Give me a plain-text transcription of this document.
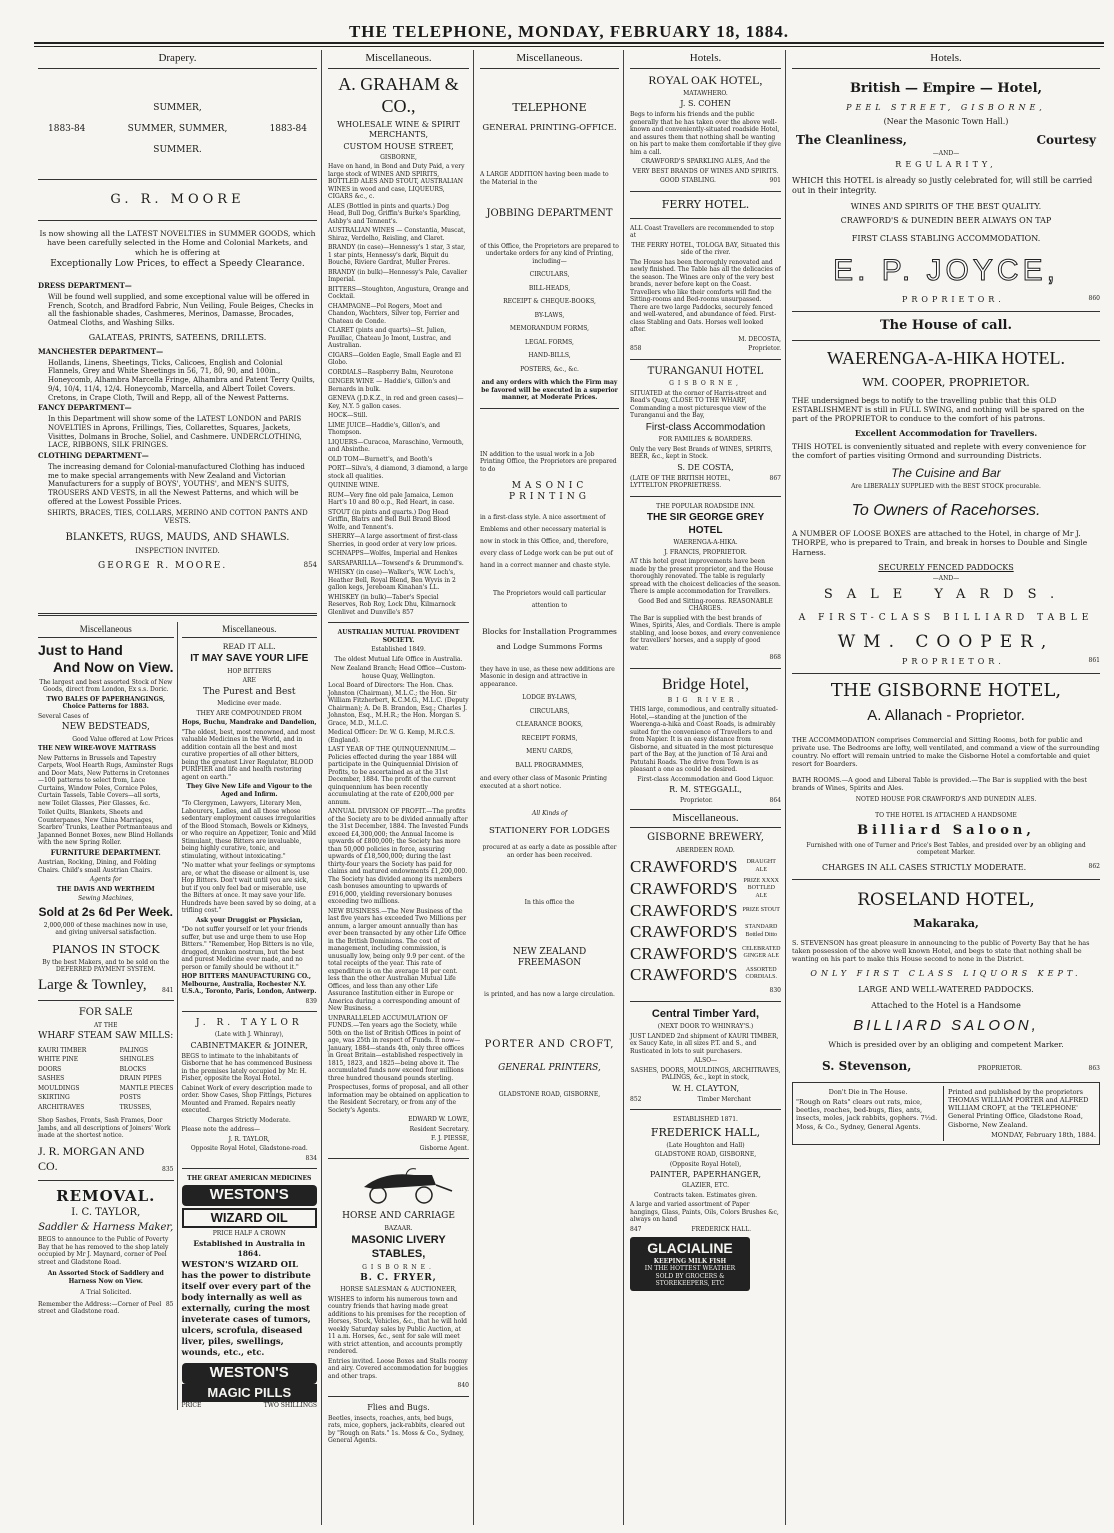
THE TELEPHONE, MONDAY, FEBRUARY 18, 1884.
Drapery.
SUMMER,
1883-84	SUMMER, SUMMER,	1883-84
SUMMER.
G. R. MOORE

Is now showing all the LATEST NOVELTIES in SUMMER GOODS, which have been carefully selected in the Home and Colonial Markets, and which he is offering at

Exceptionally Low Prices, to effect a Speedy Clearance.

DRESS DEPARTMENT—

Will be found well supplied, and some exceptional value will be offered in French, Scotch, and Bradford Fabric, Nun Veiling, Foule Beiges, Checks in all the fashionable shades, Cashmeres, Merinos, Damasse, Brocades, Oatmeal Cloths, and Washing Silks.

GALATEAS, PRINTS, SATEENS, DRILLETS.

MANCHESTER DEPARTMENT—

Hollands, Linens, Sheetings, Ticks, Calicoes, English and Colonial Flannels, Grey and White Sheetings in 56, 71, 80, 90, and 100in., Honeycomb, Alhambra Marcella Fringe, Alhambra and Patent Terry Quilts, 9/4, 10/4, 11/4, 12/4. Honeycomb, Marcella, and Albert Toilet Covers. Cretons, in Crape Cloth, Twill and Repp, all of the Newest Patterns.

FANCY DEPARTMENT—

In this Department will show some of the LATEST LONDON and PARIS NOVELTIES in Aprons, Frillings, Ties, Collarettes, Squares, Jackets, Visittes, Dolmans in Broche, Soliel, and Cashmere. UNDERCLOTHING, LACE, RIBBONS, SILK FRINGES.

CLOTHING DEPARTMENT—

The increasing demand for Colonial-manufactured Clothing has induced me to make special arrangements with New Zealand and Victorian Manufacturers for a supply of BOYS', YOUTHS', and MEN'S SUITS, TROUSERS AND VESTS, in all the Newest Patterns, and which will be offered at the Lowest Possible Prices.

SHIRTS, BRACES, TIES, COLLARS, MERINO AND COTTON PANTS AND VESTS.

BLANKETS, RUGS, MAUDS, AND SHAWLS.

INSPECTION INVITED.

GEORGE R. MOORE.	854
Miscellaneous
Just to Hand
And Now on View.

The largest and best assorted Stock of New Goods, direct from London, Ex s.s. Doric.

TWO BALES OF PAPERHANGINGS, Choice Patterns for 1883.

Several Cases of

NEW BEDSTEADS,

Good Value offered at Low Prices

THE NEW WIRE-WOVE MATTRASS

New Patterns in Brussels and Tapestry Carpets, Wool Hearth Rugs, Axminster Rugs and Door Mats, New Patterns in Cretonnes—100 patterns to select from, Lace Curtains, Window Poles, Cornice Poles, Curtain Tassels, Table Covers—all sorts, new Toilet Glasses, Pier Glasses, &c.

Toilet Quilts, Blankets, Sheets and Counterpanes, New China Marriages, Scarbro' Trunks, Leather Portmanteaus and Japanned Bonnet Boxes, new Blind Hollands with the new Spring Roller.

FURNITURE DEPARTMENT.

Austrian, Rocking, Dining, and Folding Chairs. Child's small Austrian Chairs.

Agents for

THE DAVIS AND WERTHEIM

Sewing Machines,

Sold at 2s 6d Per Week.

2,000,000 of these machines now in use, and giving universal satisfaction.

PIANOS IN STOCK

By the best Makers, and to be sold on the DEFERRED PAYMENT SYSTEM.

Large & Townley,	841

FOR SALE

AT THE

WHARF STEAM SAW MILLS:

KAURI TIMBER

WHITE PINE

DOORS

SASHES

MOULDINGS

SKIRTING

ARCHITRAVES

PALINGS

SHINGLES

BLOCKS

DRAIN PIPES

MANTLE PIECES

POSTS

TRUSSES,

Shop Sashes, Fronts, Sash Frames, Door Jambs, and all descriptions of Joiners' Work made at the shortest notice.

J. R. MORGAN AND CO.	835

REMOVAL.

I. C. TAYLOR,

Saddler & Harness Maker,

BEGS to announce to the Public of Poverty Bay that he has removed to the shop lately occupied by Mr J. Maynard, corner of Peel street and Gladstone Road.

An Assorted Stock of Saddlery and Harness Now on View.

A Trial Solicited.

Remember the Address:—Corner of Peel street and Gladstone road.
85
Miscellaneous.

READ IT ALL.

IT MAY SAVE YOUR LIFE

HOP BITTERS

ARE

The Purest and Best

Medicine ever made.

THEY ARE COMPOUNDED FROM

Hops, Buchu, Mandrake and Dandelion,

"The oldest, best, most renowned, and most valuable Medicines in the World, and in addition contain all the best and most curative properties of all other bitters, being the greatest Liver Regulator, BLOOD PURIFIER and life and health restoring agent on earth."

They Give New Life and Vigour to the Aged and Infirm.

"To Clergymen, Lawyers, Literary Men, Labourers, Ladies, and all those whose sedentary employment causes irregularities of the Blood Stomach, Bowels or Kidneys, or who require an Appetizer, Tonic and Mild Stimulant, these Bitters are invaluable, being highly curative, tonic, and stimulating, without intoxicating."

"No matter what your feelings or symptoms are, or what the disease or ailment is, use Hop Bitters. Don't wait until you are sick, but if you only feel bad or miserable, use the Bitters at once. It may save your life. Hundreds have been saved by so doing, at a trifling cost."

Ask your Druggist or Physician,

"Do not suffer yourself or let your friends suffer, but use and urge them to use Hop Bitters." "Remember, Hop Bitters is no vile, drugged, drunken nostrum, but the best and purest Medicine ever made, and no person or family should be without it."

HOP BITTERS MANUFACTURING CO., Melbourne, Australia, Rochester N.Y. U.S.A., Toronto, Paris, London, Antwerp.

839

J. R. TAYLOR

(Late with J. Whinray),

CABINETMAKER & JOINER,

BEGS to intimate to the inhabitants of Gisborne that he has commenced Business in the premises lately occupied by Mr. H. Fisher, opposite the Royal Hotel.

Cabinet Work of every description made to order. Show Cases, Shop Fittings, Pictures Mounted and Framed. Repairs neatly executed.

Charges Strictly Moderate.

Please note the address—

J. R. TAYLOR,

Opposite Royal Hotel, Gladstone-road.

834

THE GREAT AMERICAN MEDICINES

WESTON'S
WIZARD OIL

PRICE HALF A CROWN

Established in Australia in 1864.

WESTON'S WIZARD OIL has the power to distribute itself over every part of the body internally as well as externally, curing the most inveterate cases of tumors, ulcers, scrofula, diseased liver, piles, swellings, wounds, etc., etc.

WESTON'S
MAGIC PILLS
PRICE	TWO SHILLINGS
Miscellaneous.
A. GRAHAM & CO.,

WHOLESALE WINE & SPIRIT MERCHANTS,

CUSTOM HOUSE STREET,

GISBORNE,

Have on hand, in Bond and Duty Paid, a very large stock of WINES AND SPIRITS, BOTTLED ALES AND STOUT, AUSTRALIAN WINES in wood and case, LIQUEURS, CIGARS &c., c.

ALES (Bottled in pints and quarts.) Dog Head, Bull Dog, Griffin's Burke's Sparkling, Ashby's and Tennent's.

AUSTRALIAN WINES — Constantia, Muscat, Shiraz, Verdelho, Reisling, and Claret.

BRANDY (in case)—Hennessy's 1 star, 3 star, 1 star pints, Hennessy's dark, Biquit du Bouche, Riviere Gardrat, Muller Freres.

BRANDY (in bulk)—Hennessy's Pale, Cavalier Imperial.

BITTERS—Stoughton, Angustura, Orange and Cocktail.

CHAMPAGNE—Pol Rogers, Moet and Chandon, Wachters, Silver top, Ferrier and Chateau de Conde.

CLARET (pints and quarts)—St. Julien, Pauillac, Chateau Jo Imont, Lustrac, and Australian.

CIGARS—Golden Eagle, Small Eagle and El Globo.

CORDIALS—Raspberry Balm, Neurotone

GINGER WINE — Haddie's, Gillon's and Bernards in bulk.

GENEVA (J.D.K.Z., in red and green cases)—Key, N.Y. 5 gallon cases.

HOCK—Still.

LIME JUICE—Haddie's, Gillon's, and Thompson.

LIQUERS—Curacoa, Maraschino, Vermouth, and Absinthe.

OLD TOM—Burnett's, and Booth's

PORT—Silva's, 4 diamond, 3 diamond, a large stock all qualities.

QUININE WINE.

RUM—Very fine old pale Jamaica, Lemon Hart's 10 and 80 o.p., Red Heart, in case.

STOUT (in pints and quarts.) Dog Head Griffin, Blatrs and Bell Bull Brand Blood Wolfe, and Tennent's.

SHERRY—A large assortment of first-class Sherries, in good order at very low prices.

SCHNAPPS—Wolfes, Imperial and Henkes

SARSAPARILLA—Towsend's & Drummond's.

WHISKY (in case)—Walker's, W.W. Loch's, Heather Bell, Royal Blend, Ben Wyvis in 2 gallon kegs, Jereboam Kinahan's LL.

WHISKEY (in bulk)—Taber's Special Reserves, Rob Roy, Lock Dhu, Kilmarnock Glenlivet and Dunville's 857

AUSTRALIAN MUTUAL PROVIDENT SOCIETY.

Established 1849.

The oldest Mutual Life Office in Australia.

New Zealand Branch; Head Office—Custom-house Quay, Wellington.

Local Board of Directors: The Hon. Chas. Johnston (Chairman), M.L.C.; the Hon. Sir William Fitzherbert, K.C.M.G., M.L.C. (Deputy Chairman); A. De B. Brandon, Esq.; Charles J. Johnston, Esq., M.H.R.; the Hon. Morgan S. Grace, M.D., M.L.C.

Medical Officer: Dr. W. G. Kemp, M.R.C.S. (England).

LAST YEAR OF THE QUINQUENNIUM.—Policies effected during the year 1884 will participate in the Quinquennial Division of Profits, to be ascertained as at the 31st December, 1884. The profit of the current quinquennium has been recently accumulating at the rate of £200,000 per annum.

ANNUAL DIVISION OF PROFIT.—The profits of the Society are to be divided annually after the 31st December, 1884. The Invested Funds exceed £4,300,000; the Annual Income is upwards of £800,000; the Society has more than 50,000 policies in force, assuring upwards of £18,500,000; during the last thirty-four years the Society has paid for claims and matured endowments £1,200,000. The Society has divided among its members cash bonuses amounting to upwards of £916,000, yielding reversionary bonuses exceeding two millions.

NEW BUSINESS.—The New Business of the last five years has exceeded Two Millions per annum, a larger amount annually than has ever been transacted by any other Life Office in the British Dominions. The cost of management, including commission, is unusually low, being only 9.9 per cent. of the total receipts of the year. This rate of expenditure is on the average 18 per cent. less than the other Australian Mutual Life Offices, and less than any other Life Assurance Institution either in Europe or America during a corresponding amount of New Business.

UNPARALLELED ACCUMULATION OF FUNDS.—Ten years ago the Society, while 50th on the list of British Offices in point of age, was 25th in respect of Funds. It now—January, 1884—stands 4th, only three offices in Great Britain—established respectively in 1815, 1823, and 1825—being above it. The accumulated funds now exceed four millions three hundred thousand pounds sterling.

Prospectuses, forms of proposal, and all other information may be obtained on application to the Resident Secretary, or from any of the Society's Agents.

EDWARD W. LOWE,

Resident Secretary.

F. J. PIESSE,

Gisborne Agent.

HORSE AND CARRIAGE

BAZAAR.

MASONIC LIVERY STABLES,

GISBORNE.

B. C. FRYER,

HORSE SALESMAN & AUCTIONEER,

WISHES to inform his numerous town and country friends that having made great additions to his premises for the reception of Horses, Stock, Vehicles, &c., that he will hold weekly Saturday sales by Public Auction, at 11 a.m. Horses, &c., sent for sale will meet with strict attention, and accounts promptly rendered.

Entries invited. Loose Boxes and Stalls roomy and airy. Covered accommodation for buggies and other traps.

840

Flies and Bugs.

Beetles, insects, roaches, ants, bed bugs, rats, mice, gophers, jack-rabbits, cleared out by "Rough on Rats." 1s. Moss & Co., Sydney, General Agents.

Miscellaneous.

TELEPHONE

GENERAL PRINTING-OFFICE.

A LARGE ADDITION having been made to the Material in the

JOBBING DEPARTMENT

of this Office, the Proprietors are prepared to undertake orders for any kind of Printing, including—

CIRCULARS,

BILL-HEADS,

RECEIPT & CHEQUE-BOOKS,

BY-LAWS,

MEMORANDUM FORMS,

LEGAL FORMS,

HAND-BILLS,

POSTERS, &c., &c.

and any orders with which the Firm may be favored will be executed in a superior manner, at Moderate Prices.

IN addition to the usual work in a Job Printing Office, the Proprietors are prepared to do

MASONIC PRINTING

in a first-class style. A nice assortment of Emblems and other necessary material is now in stock in this Office, and, therefore, every class of Lodge work can be put out of hand in a correct manner and chaste style.

The Proprietors would call particular attention to

Blocks for Installation Programmes and Lodge Summons Forms

they have in use, as these new additions are Masonic in design and attractive in appearance.

LODGE BY-LAWS,

CIRCULARS,

CLEARANCE BOOKS,

RECEIPT FORMS,

MENU CARDS,

BALL PROGRAMMES,

and every other class of Masonic Printing executed at a short notice.

All Kinds of

STATIONERY FOR LODGES

procured at as early a date as possible after an order has been received.

In this office the

NEW ZEALAND FREEMASON

is printed, and has now a large circulation.

PORTER AND CROFT,

GENERAL PRINTERS,

GLADSTONE ROAD, GISBORNE,

Hotels.

ROYAL OAK HOTEL,

MATAWHERO.

J. S. COHEN

Begs to inform his friends and the public generally that he has taken over the above well-known and conveniently-situated roadside Hotel, and assures them that nothing shall be wanting on his part to make them comfortable if they give him a call.

CRAWFORD'S SPARKLING ALES, And the

VERY BEST BRANDS OF WINES AND SPIRITS.

GOOD STABLING.	901

FERRY HOTEL.

ALL Coast Travellers are recommended to stop at

THE FERRY HOTEL, TOLOGA BAY, Situated this side of the river.

The House has been thoroughly renovated and newly finished. The Table has all the delicacies of the season. The Wines are only of the very best brands, never before kept on the Coast. Travellers who like their comforts will find the Sitting-rooms and Bed-rooms unsurpassed. There are two large Paddocks, securely fenced and well-watered, and abundance of feed. First-class Stabling and Oats. Horses well looked after.

M. DECOSTA,

858	Proprietor.

TURANGANUI HOTEL

GISBORNE,

SITUATED at the corner of Harris-street and Read's Quay, CLOSE TO THE WHARF, Commanding a most picturesque view of the Turanganui and the Bay,

First-class Accommodation

FOR FAMILIES & BOARDERS.

Only the very Best Brands of WINES, SPIRITS, BEER, &c., kept in Stock.

S. DE COSTA,

(LATE OF THE BRITISH HOTEL, LYTTELTON PROPRIETRESS.
867

THE POPULAR ROADSIDE INN.

THE SIR GEORGE GREY HOTEL

WAERENGA-A-HIKA.

J. FRANCIS, PROPRIETOR.

AT this hotel great improvements have been made by the present proprietor, and the House thoroughly renovated. The table is regularly spread with the choicest delicacies of the season. There is ample accommodation for Travellers.

Good Bed and Sitting-rooms. REASONABLE CHARGES.

The Bar is supplied with the best brands of Wines, Spirits, Ales, and Cordials. There is ample stabling, and loose boxes, and every convenience for travellers' horses, and a supply of good water.

868

Bridge Hotel,

BIG RIVER.

THIS large, commodious, and centrally situated-Hotel,—standing at the junction of the Waerenga-a-hika and Coast Roads, is admirably suited for the convenience of Travellers to and from Napier. It is an easy distance from Gisborne, and situated in the most picturesque part of the Bay, at the junction of Te Arai and Patutahi Roads. The drive from Town is as pleasant a one as could be desired.

First-class Accommodation and Good Liquor.

R. M. STEGGALL,

Proprietor.	864
Miscellaneous.

GISBORNE BREWERY,

ABERDEEN ROAD.

CRAWFORD'S	DRAUGHT ALE
CRAWFORD'S PRIZE XXXX BOTTLED ALE
CRAWFORD'S PRIZE STOUT
CRAWFORD'S	STANDARD Bottled Ditto
CRAWFORD'S CELEBRATED GINGER ALE
CRAWFORD'S	ASSORTED CORDIALS.

830

Central Timber Yard,

(NEXT DOOR TO WHINRAY'S.)

JUST LANDED 2nd shipment of KAURI TIMBER, ex Saucy Kate, in all sizes P.T. and S., and Rusticated in lots to suit purchasers.

ALSO—

SASHES, DOORS, MOULDINGS, ARCHITRAVES, PALINGS, &c., kept in stock,

W. H. CLAYTON,

852	Timber Merchant

ESTABLISHED 1871.

FREDERICK HALL,

(Late Houghton and Hall)

GLADSTONE ROAD, GISBORNE,

(Opposite Royal Hotel),

PAINTER, PAPERHANGER,

GLAZIER, ETC.

Contracts taken. Estimates given.

A large and varied assortment of Paper hangings, Glass, Paints, Oils, Colors Brushes &c, always on hand

847	FREDERICK HALL.
GLACIALINE
KEEPING MILK FISH
IN THE HOTTEST WEATHER
SOLD BY GROCERS & STOREKEEPERS, ETC
Hotels.

British — Empire — Hotel,

PEEL STREET, GISBORNE,

(Near the Masonic Town Hall.)

The Cleanliness,	Courtesy

—AND—

REGULARITY,

WHICH this HOTEL is already so justly celebrated for, will still be carried out in their integrity.

WINES AND SPIRITS OF THE BEST QUALITY.

CRAWFORD'S & DUNEDIN BEER ALWAYS ON TAP

FIRST CLASS STABLING ACCOMMODATION.

E. P. JOYCE,

PROPRIETOR.	860

The House of call.

WAERENGA-A-HIKA HOTEL.

WM. COOPER, PROPRIETOR.

THE undersigned begs to notify to the travelling public that this OLD ESTABLISHMENT is still in FULL SWING, and nothing will be spared on the part of the PROPRIETOR to conduce to the comfort of his patrons.

Excellent Accommodation for Travellers.

THIS HOTEL is conveniently situated and replete with every convenience for the comfort of parties visiting Ormond and surrounding Districts.

The Cuisine and Bar

Are LIBERALLY SUPPLIED with the BEST STOCK procurable.

To Owners of Racehorses.

A NUMBER OF LOOSE BOXES are attached to the Hotel, in charge of Mr J. THORPE, who is prepared to Train, and break in horses to Double and Single Harness.

SECURELY FENCED PADDOCKS

—AND—

SALE YARDS.

A FIRST-CLASS BILLIARD TABLE

WM. COOPER,

PROPRIETOR.	861

THE GISBORNE HOTEL,

A. Allanach - Proprietor.

THE ACCOMMODATION comprises Commercial and Sitting Rooms, both for public and private use. The Bedrooms are lofty, well ventilated, and command a view of the surrounding country. No effort will remain untried to make the Gisborne Hotel a comfortable and quiet resort for Boarders.

BATH ROOMS.—A good and Liberal Table is provided.—The Bar is supplied with the best brands of Wines, Spirits and Ales.

NOTED HOUSE FOR CRAWFORD'S AND DUNEDIN ALES.

TO THE HOTEL IS ATTACHED A HANDSOME

Billiard Saloon,

Furnished with one of Turner and Price's Best Tables, and presided over by an obliging and competent Marker.

CHARGES IN ALL CASES STRICTLY MODERATE.	862

ROSELAND HOTEL,

Makaraka,

S. STEVENSON has great pleasure in announcing to the public of Poverty Bay that he has taken possession of the above well known Hotel, and begs to state that nothing shall be wanting on his part to make this House second to none in the District.

ONLY FIRST CLASS LIQUORS KEPT.

LARGE AND WELL-WATERED PADDOCKS.

Attached to the Hotel is a Handsome

BILLIARD SALOON,

Which is presided over by an obliging and competent Marker.

S. Stevenson,	PROPRIETOR.	863

Don't Die in The House.

"Rough on Rats" clears out rats, mice, beetles, roaches, bed-bugs, flies, ants, insects, moles, jack rabbits, gophers. 7½d. Moss, & Co., Sydney, General Agents.

Printed and published by the proprietors THOMAS WILLIAM PORTER and ALFRED WILLIAM CROFT, at the 'TELEPHONE' General Printing Office, Gladstone Road, Gisborne, New Zealand.

MONDAY, February 18th, 1884.
